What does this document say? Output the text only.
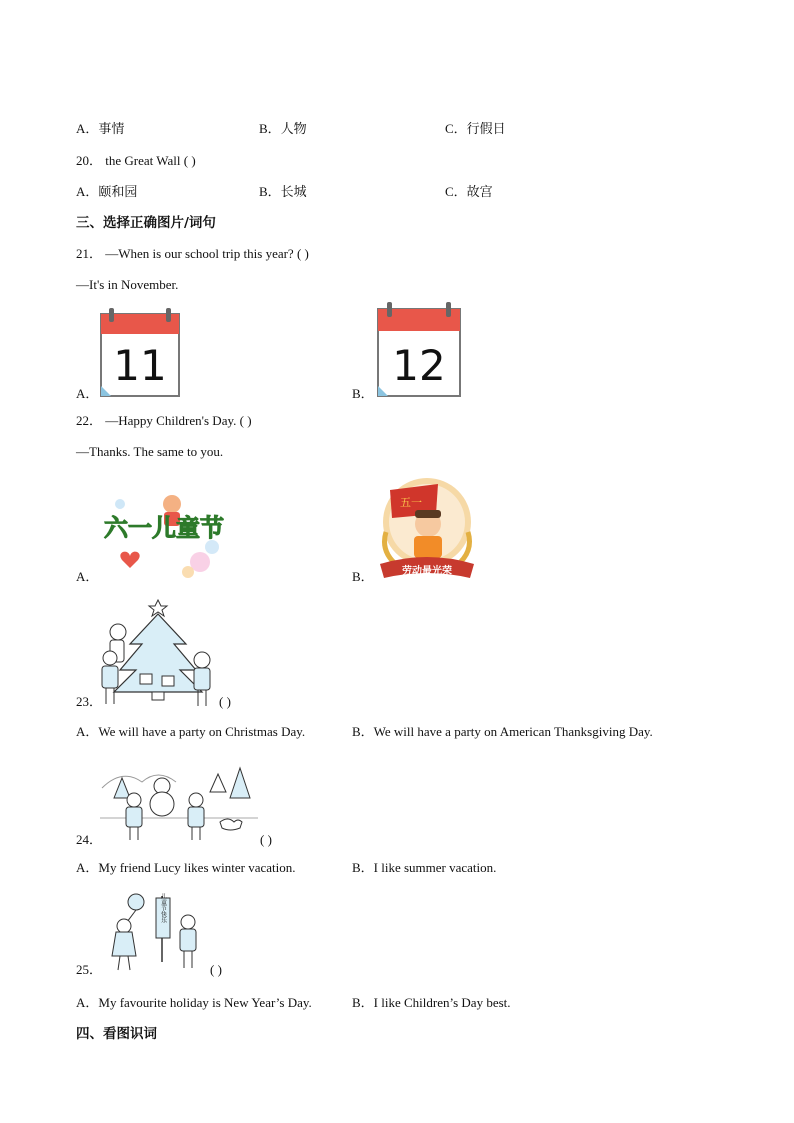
A．事情	B．人物	C．行假日
20． the Great Wall ( )
A．颐和园	B．长城	C．故宫
三、选择正确图片/词句
21． —When is our school trip this year? ( )
—It's in November.
A．
11
B．
12
22． —Happy Children's Day. ( )
—Thanks. The same to you.
A．
六一儿童节
B．
五一
劳动最光荣
23．	( )
A．We will have a party on Christmas Day.	B．We will have a party on American Thanksgiving Day.
24．	( )
A．My friend Lucy likes winter vacation.	B．I like summer vacation.
25．
儿童节快乐
( )
A．My favourite holiday is New Year’s Day.	B．I like Children’s Day best.
四、看图识词
